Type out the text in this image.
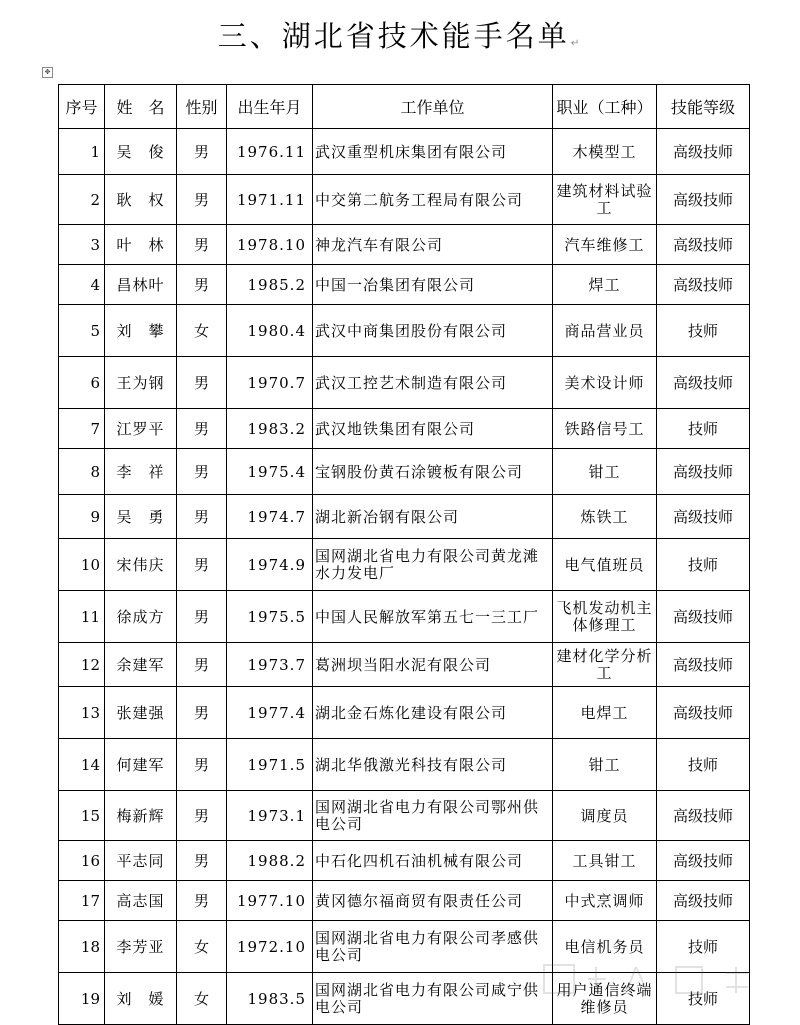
三、湖北省技术能手名单↵
✥
序号	姓　名	性别	出生年月	工作单位	职业（工种）	技能等级
1	吴　俊	男	1976.11	武汉重型机床集团有限公司	木模型工	高级技师
2	耿　权	男	1971.11	中交第二航务工程局有限公司	建筑材料试验工	高级技师
3	叶　林	男	1978.10	神龙汽车有限公司	汽车维修工	高级技师
4	昌林叶	男	1985.2	中国一冶集团有限公司	焊工	高级技师
5	刘　攀	女	1980.4	武汉中商集团股份有限公司	商品营业员	技师
6	王为钢	男	1970.7	武汉工控艺术制造有限公司	美术设计师	高级技师
7	江罗平	男	1983.2	武汉地铁集团有限公司	铁路信号工	技师
8	李　祥	男	1975.4	宝钢股份黄石涂镀板有限公司	钳工	高级技师
9	吴　勇	男	1974.7	湖北新冶钢有限公司	炼铁工	高级技师
10	宋伟庆	男	1974.9	国网湖北省电力有限公司黄龙滩水力发电厂	电气值班员	技师
11	徐成方	男	1975.5	中国人民解放军第五七一三工厂	飞机发动机主体修理工	高级技师
12	余建军	男	1973.7	葛洲坝当阳水泥有限公司	建材化学分析工	高级技师
13	张建强	男	1977.4	湖北金石炼化建设有限公司	电焊工	高级技师
14	何建军	男	1971.5	湖北华俄激光科技有限公司	钳工	技师
15	梅新辉	男	1973.1	国网湖北省电力有限公司鄂州供电公司	调度员	高级技师
16	平志同	男	1988.2	中石化四机石油机械有限公司	工具钳工	高级技师
17	高志国	男	1977.10	黄冈德尔福商贸有限责任公司	中式烹调师	高级技师
18	李芳亚	女	1972.10	国网湖北省电力有限公司孝感供电公司	电信机务员	技师
19	刘　媛	女	1983.5	国网湖北省电力有限公司咸宁供电公司	用户通信终端维修员	技师
